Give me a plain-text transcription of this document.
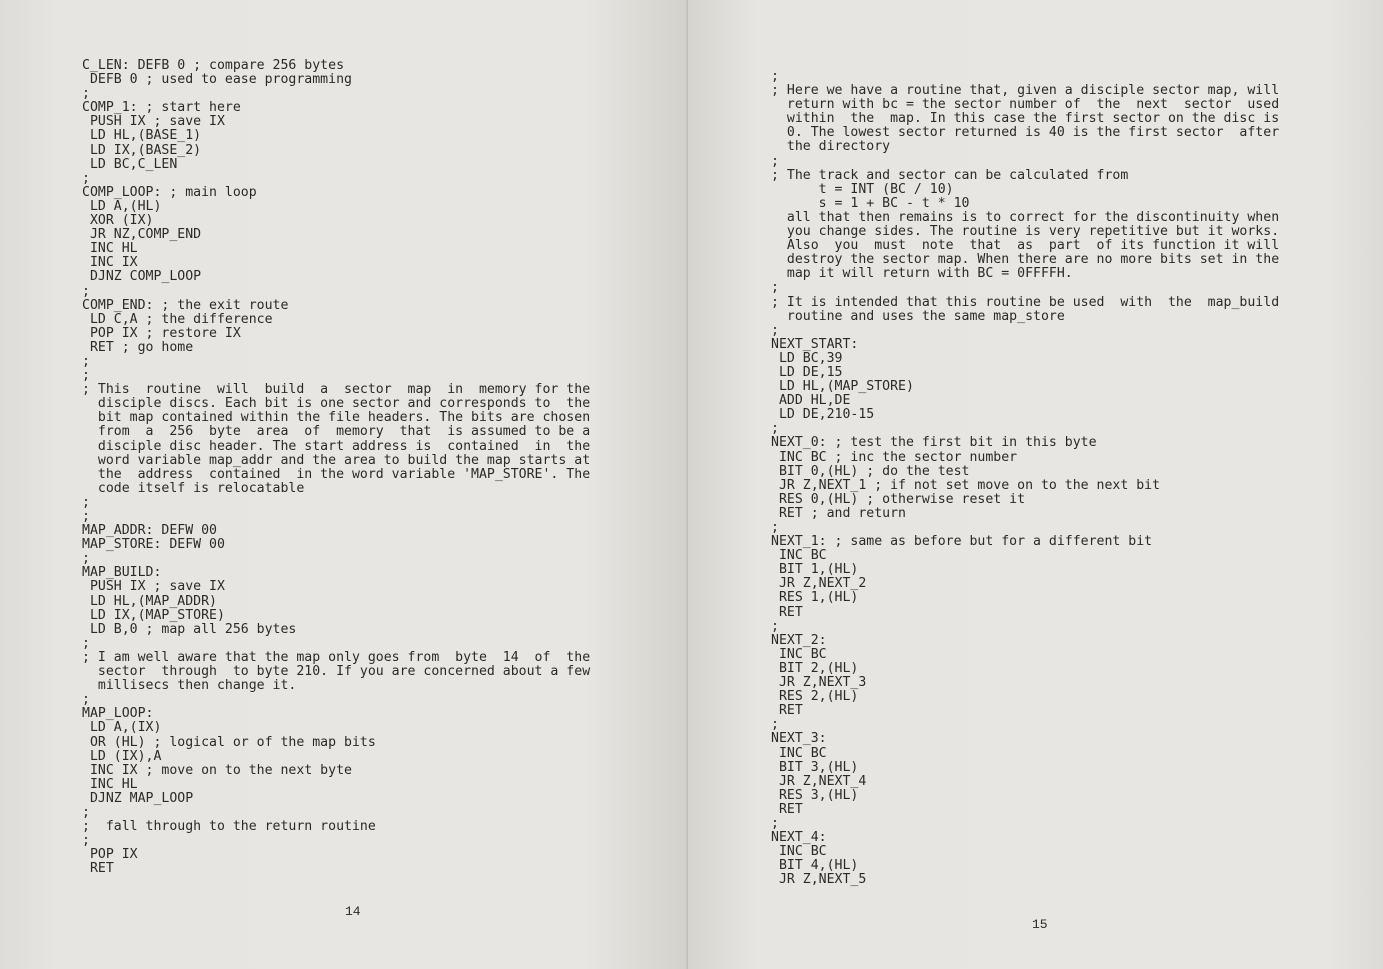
C_LEN: DEFB 0 ; compare 256 bytes
DEFB 0 ; used to ease programming
;
COMP_1: ; start here
PUSH IX ; save IX
LD HL,(BASE_1)
LD IX,(BASE_2)
LD BC,C_LEN
;
COMP_LOOP: ; main loop
LD A,(HL)
XOR (IX)
JR NZ,COMP_END
INC HL
INC IX
DJNZ COMP_LOOP
;
COMP_END: ; the exit route
LD C,A ; the difference
POP IX ; restore IX
RET ; go home
;
;
; This  routine  will  build  a  sector  map  in  memory for the
disciple discs. Each bit is one sector and corresponds to  the
bit map contained within the file headers. The bits are chosen
from  a  256  byte  area  of  memory  that  is assumed to be a
disciple disc header. The start address is  contained  in  the
word variable map_addr and the area to build the map starts at
the  address  contained  in the word variable 'MAP_STORE'. The
code itself is relocatable
;
;
MAP_ADDR: DEFW 00
MAP_STORE: DEFW 00
;
MAP_BUILD:
PUSH IX ; save IX
LD HL,(MAP_ADDR)
LD IX,(MAP_STORE)
LD B,0 ; map all 256 bytes
;
; I am well aware that the map only goes from  byte  14  of  the
sector  through  to byte 210. If you are concerned about a few
millisecs then change it.
;
MAP_LOOP:
LD A,(IX)
OR (HL) ; logical or of the map bits
LD (IX),A
INC IX ; move on to the next byte
INC HL
DJNZ MAP_LOOP
;
;  fall through to the return routine
;
POP IX
RET
14
15
;
; Here we have a routine that, given a disciple sector map, will
return with bc = the sector number of  the  next  sector  used
within  the  map. In this case the first sector on the disc is
0. The lowest sector returned is 40 is the first sector  after
the directory
;
; The track and sector can be calculated from
t = INT (BC / 10)
s = 1 + BC - t * 10
all that then remains is to correct for the discontinuity when
you change sides. The routine is very repetitive but it works.
Also  you  must  note  that  as  part  of its function it will
destroy the sector map. When there are no more bits set in the
map it will return with BC = 0FFFFH.
;
; It is intended that this routine be used  with  the  map_build
routine and uses the same map_store
;
NEXT_START:
LD BC,39
LD DE,15
LD HL,(MAP_STORE)
ADD HL,DE
LD DE,210-15
;
NEXT_0: ; test the first bit in this byte
INC BC ; inc the sector number
BIT 0,(HL) ; do the test
JR Z,NEXT_1 ; if not set move on to the next bit
RES 0,(HL) ; otherwise reset it
RET ; and return
;
NEXT_1: ; same as before but for a different bit
INC BC
BIT 1,(HL)
JR Z,NEXT_2
RES 1,(HL)
RET
;
NEXT_2:
INC BC
BIT 2,(HL)
JR Z,NEXT_3
RES 2,(HL)
RET
;
NEXT_3:
INC BC
BIT 3,(HL)
JR Z,NEXT_4
RES 3,(HL)
RET
;
NEXT_4:
INC BC
BIT 4,(HL)
JR Z,NEXT_5
